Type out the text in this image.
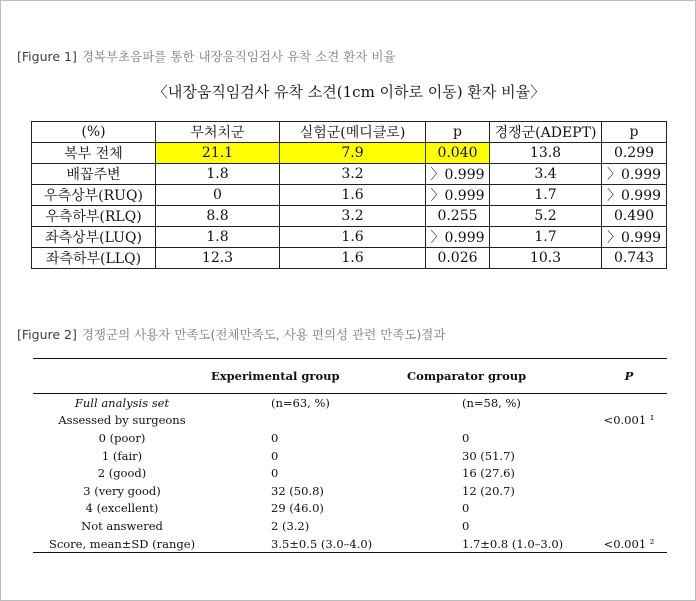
[Figure 1] 경복부초음파를 통한 내장움직임검사 유착 소견 환자 비율
〈내장움직임검사 유착 소견(1cm 이하로 이동) 환자 비율〉
(%)	무처치군	실험군(메디클로)	p	경쟁군(ADEPT)	p
복부 전체	21.1	7.9	0.040	13.8	0.299
배꼽주변	1.8	3.2	〉0.999	3.4	〉0.999
우측상부(RUQ)	0	1.6	〉0.999	1.7	〉0.999
우측하부(RLQ)	8.8	3.2	0.255	5.2	0.490
좌측상부(LUQ)	1.8	1.6	〉0.999	1.7	〉0.999
좌측하부(LLQ)	12.3	1.6	0.026	10.3	0.743
[Figure 2] 경쟁군의 사용자 만족도(전체만족도, 사용 편의성 관련 만족도)결과
	Experimental group	Comparator group	P
Full analysis set	(n=63, %)	(n=58, %)	
Assessed by surgeons			<0.001 ¹
0 (poor)	0	0	
1 (fair)	0	30 (51.7)	
2 (good)	0	16 (27.6)	
3 (very good)	32 (50.8)	12 (20.7)	
4 (excellent)	29 (46.0)	0	
Not answered	2 (3.2)	0	
Score, mean±SD (range)	3.5±0.5 (3.0–4.0)	1.7±0.8 (1.0–3.0)	<0.001 ²
